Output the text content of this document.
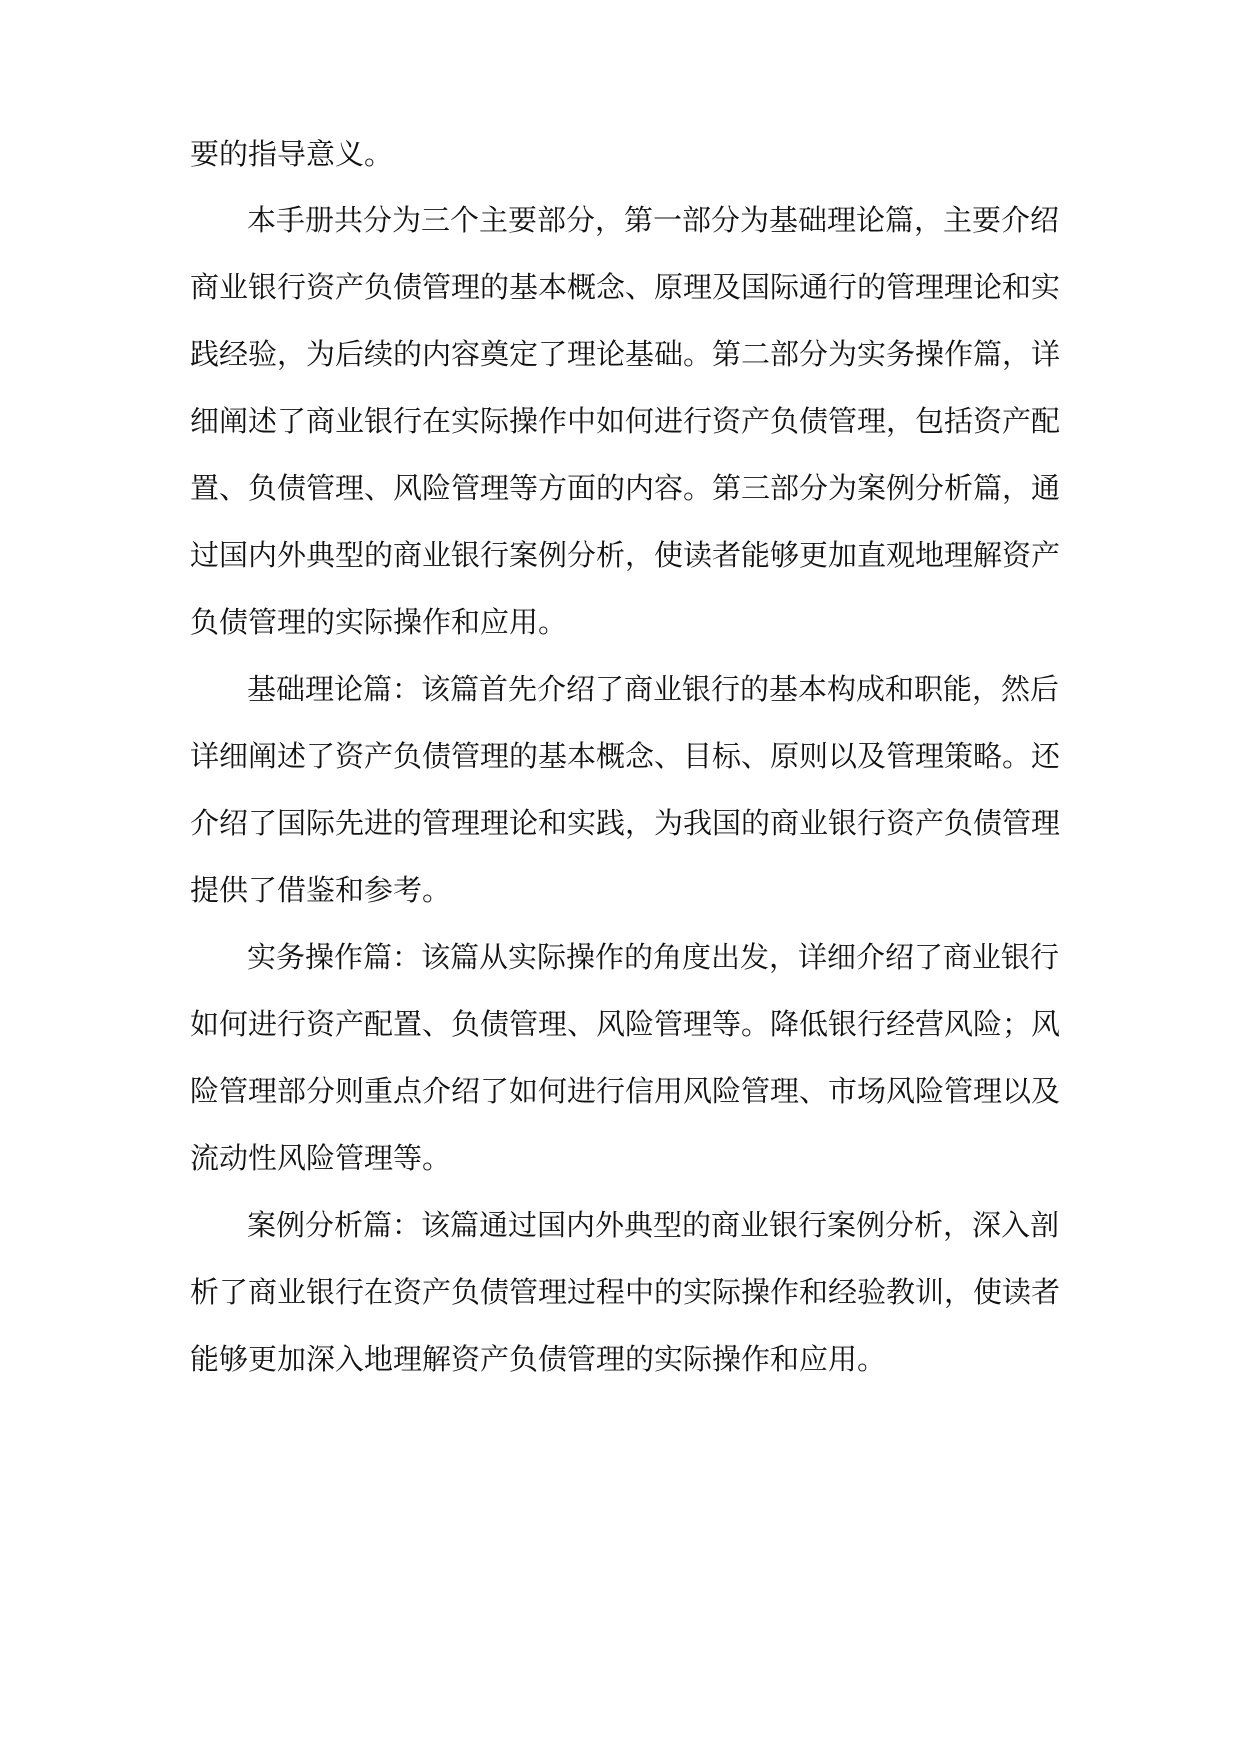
要的指导意义。
本手册共分为三个主要部分，第一部分为基础理论篇，主要介绍
商业银行资产负债管理的基本概念、原理及国际通行的管理理论和实
践经验，为后续的内容奠定了理论基础。第二部分为实务操作篇，详
细阐述了商业银行在实际操作中如何进行资产负债管理，包括资产配
置、负债管理、风险管理等方面的内容。第三部分为案例分析篇，通
过国内外典型的商业银行案例分析，使读者能够更加直观地理解资产
负债管理的实际操作和应用。
基础理论篇：该篇首先介绍了商业银行的基本构成和职能，然后
详细阐述了资产负债管理的基本概念、目标、原则以及管理策略。还
介绍了国际先进的管理理论和实践，为我国的商业银行资产负债管理
提供了借鉴和参考。
实务操作篇：该篇从实际操作的角度出发，详细介绍了商业银行
如何进行资产配置、负债管理、风险管理等。降低银行经营风险；风
险管理部分则重点介绍了如何进行信用风险管理、市场风险管理以及
流动性风险管理等。
案例分析篇：该篇通过国内外典型的商业银行案例分析，深入剖
析了商业银行在资产负债管理过程中的实际操作和经验教训，使读者
能够更加深入地理解资产负债管理的实际操作和应用。
